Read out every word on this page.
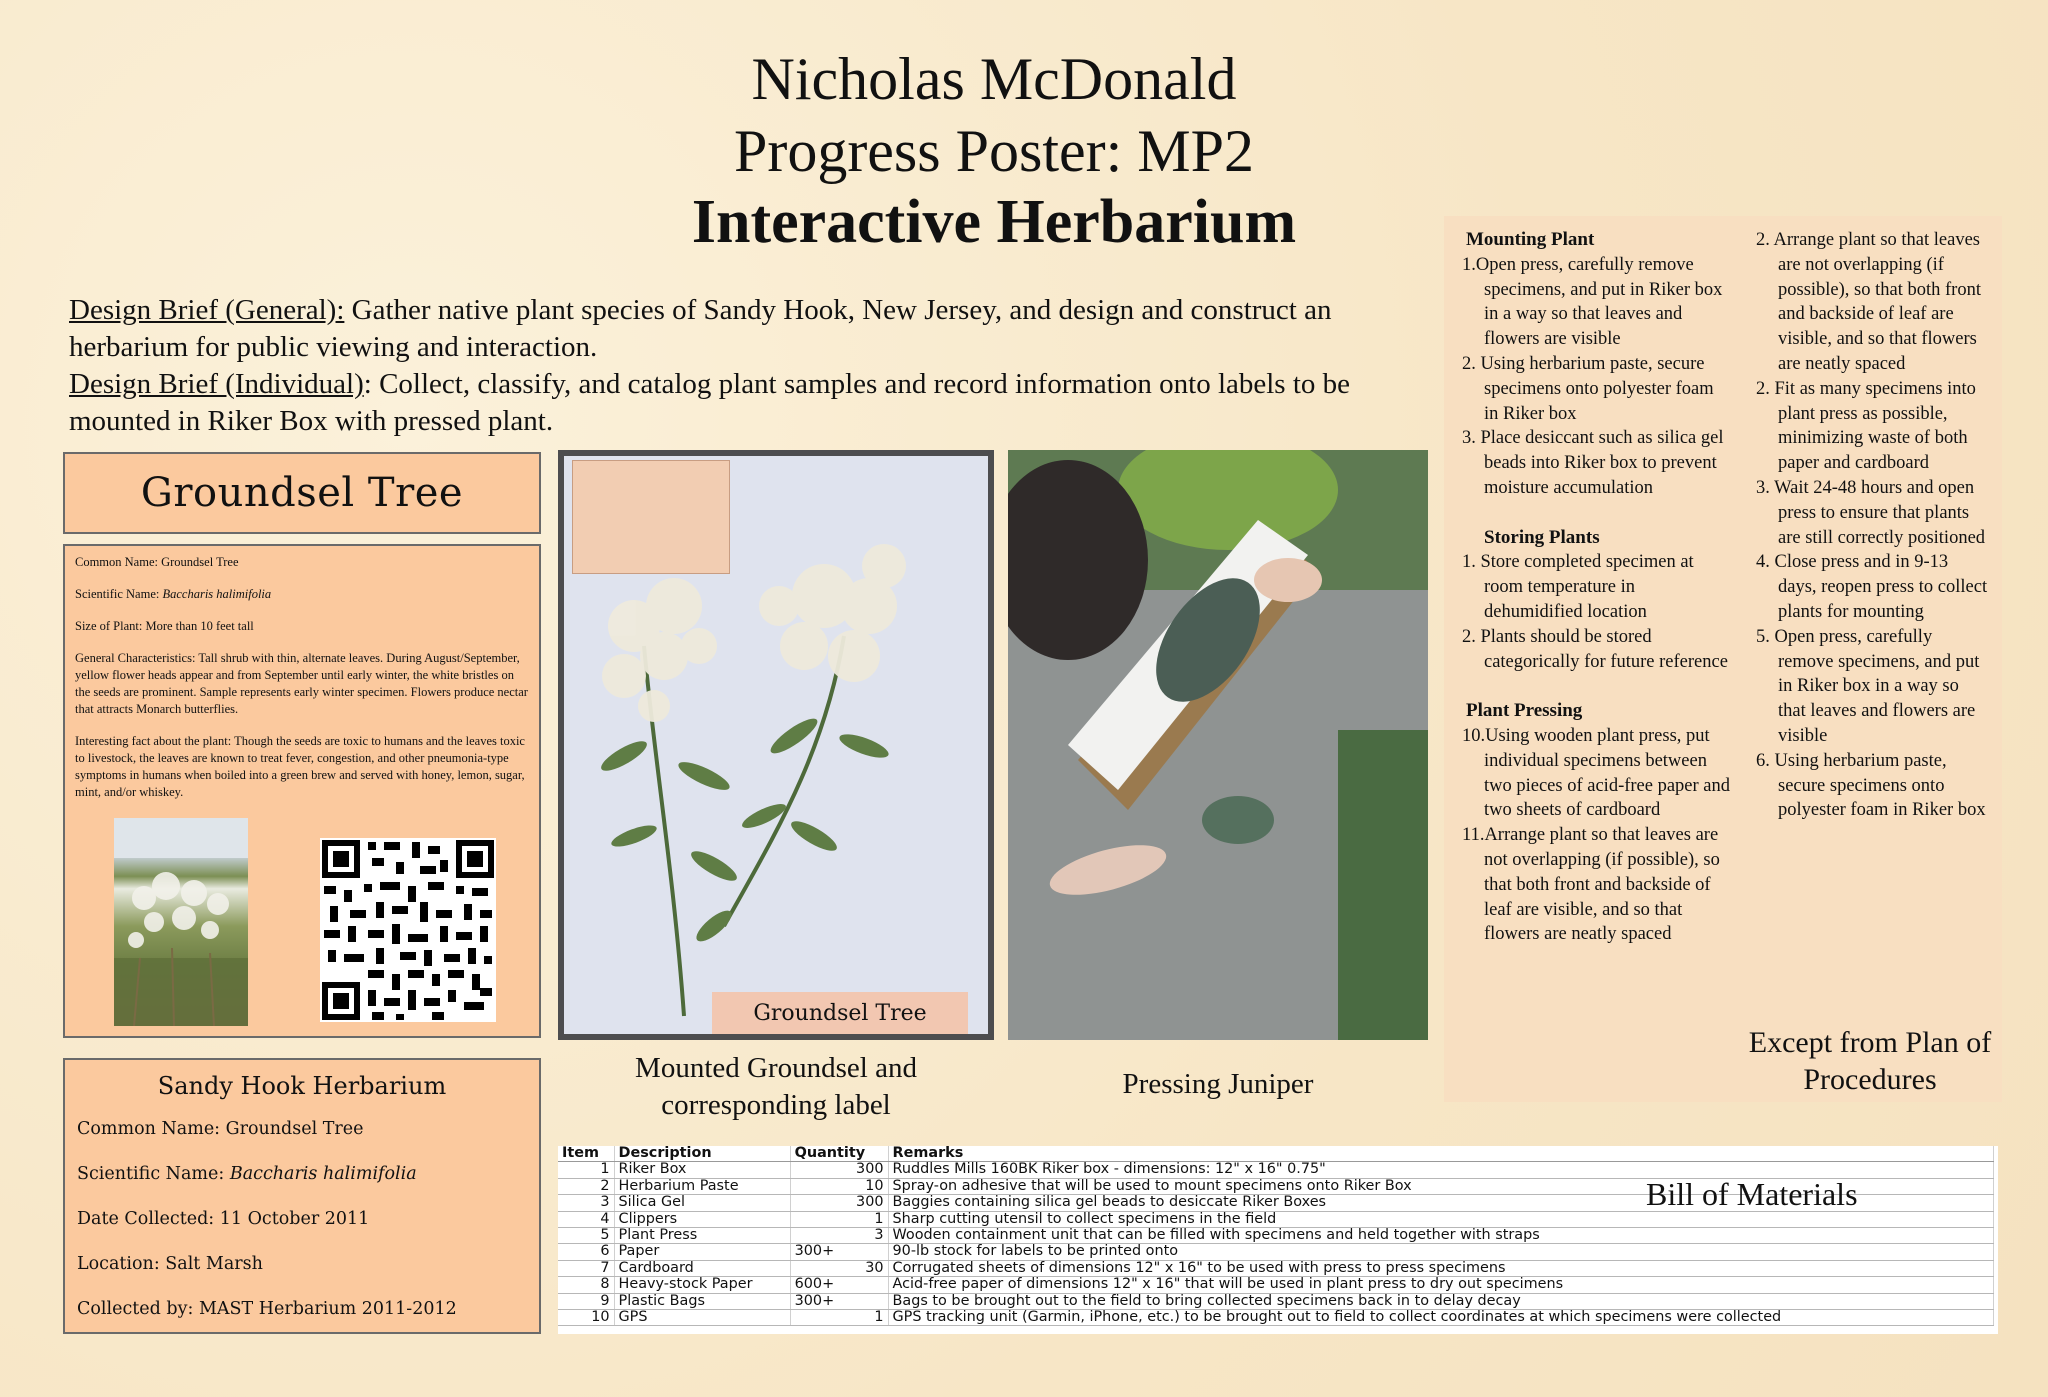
Nicholas McDonald
Progress Poster: MP2
Interactive Herbarium
Design Brief (General): Gather native plant species of Sandy Hook, New Jersey, and design and construct an herbarium for public viewing and interaction.
Design Brief (Individual): Collect, classify, and catalog plant samples and record information onto labels to be mounted in Riker Box with pressed plant.
Groundsel Tree

Common Name: Groundsel Tree

Scientific Name: Baccharis halimifolia

Size of Plant: More than 10 feet tall

General Characteristics: Tall shrub with thin, alternate leaves. During August/September, yellow flower heads appear and from September until early winter, the white bristles on the seeds are prominent. Sample represents early winter specimen. Flowers produce nectar that attracts Monarch butterflies.

Interesting fact about the plant: Though the seeds are toxic to humans and the leaves toxic to livestock, the leaves are known to treat fever, congestion, and other pneumonia-type symptoms in humans when boiled into a green brew and served with honey, lemon, sugar, mint, and/or whiskey.

Sandy Hook Herbarium
Common Name: Groundsel Tree
Scientific Name: Baccharis halimifolia
Date Collected: 11 October 2011
Location: Salt Marsh
Collected by: MAST Herbarium 2011-2012
Groundsel Tree
Mounted Groundsel and corresponding label
Pressing Juniper
Mounting Plant
1.Open press, carefully remove specimens, and put in Riker box in a way so that leaves and flowers are visible
2. Using herbarium paste, secure specimens onto polyester foam in Riker box
3. Place desiccant such as silica gel beads into Riker box to prevent moisture accumulation
Storing Plants
1. Store completed specimen at room temperature in dehumidified location
2. Plants should be stored categorically for future reference
Plant Pressing
10.Using wooden plant press, put individual specimens between two pieces of acid-free paper and two sheets of cardboard
11.Arrange plant so that leaves are not overlapping (if possible), so that both front and backside of leaf are visible, and so that flowers are neatly spaced
2. Arrange plant so that leaves are not overlapping (if possible), so that both front and backside of leaf are visible, and so that flowers are neatly spaced
2. Fit as many specimens into plant press as possible, minimizing waste of both paper and cardboard
3. Wait 24-48 hours and open press to ensure that plants are still correctly positioned
4. Close press and in 9-13 days, reopen press to collect plants for mounting
5. Open press, carefully remove specimens, and put in Riker box in a way so that leaves and flowers are visible
6. Using herbarium paste, secure specimens onto polyester foam in Riker box
Except from Plan of Procedures
Item	Description	Quantity	Remarks
1	Riker Box	300	Ruddles Mills 160BK Riker box - dimensions: 12" x 16" 0.75"
2	Herbarium Paste	10	Spray-on adhesive that will be used to mount specimens onto Riker Box
3	Silica Gel	300	Baggies containing silica gel beads to desiccate Riker Boxes
4	Clippers	1	Sharp cutting utensil to collect specimens in the field
5	Plant Press	3	Wooden containment unit that can be filled with specimens and held together with straps
6	Paper	300+	90-lb stock for labels to be printed onto
7	Cardboard	30	Corrugated sheets of dimensions 12" x 16" to be used with press to press specimens
8	Heavy-stock Paper	600+	Acid-free paper of dimensions 12" x 16" that will be used in plant press to dry out specimens
9	Plastic Bags	300+	Bags to be brought out to the field to bring collected specimens back in to delay decay
10	GPS	1	GPS tracking unit (Garmin, iPhone, etc.) to be brought out to field to collect coordinates at which specimens were collected
Bill of Materials
